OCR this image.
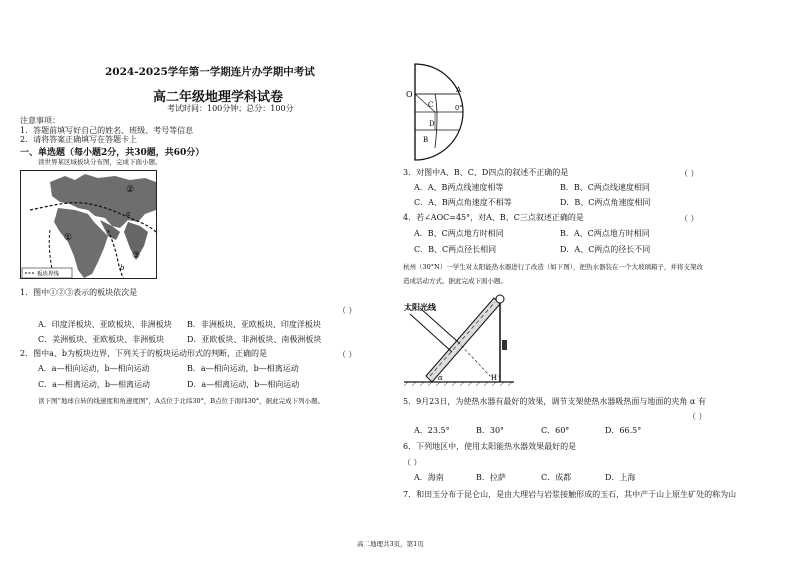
2024-2025学年第一学期连片办学期中考试
高二年级地理学科试卷
考试时间：100分钟；总分：100分
注意事项：
1．答题前填写好自己的姓名、班级、考号等信息
2．请将答案正确填写在答题卡上
一、单选题（每小题2分，共30题，共60分）
读世界某区域板块分布图，完成下面小题。
①
②
③
a
b
板块界线
1．图中①②③表示的板块依次是
（ ）
A．印度洋板块、亚欧板块、非洲板块 B．非洲板块、亚欧板块、印度洋板块
C．美洲板块、亚欧板块、非洲板块	D．亚欧板块、非洲板块、南极洲板块
2．图中a、b为板块边界，下列关于的板块运动形式的判断，正确的是	（ ）
A．a—相向运动，b—相向运动	B．a—相向运动，b—相离运动
C．a—相离运动，b—相离运动	D．a—相离运动，b—相向运动
读下图“地球自转的线速度和角速度图”，A点位于北纬30°，B点位于南纬30°，据此完成下列小题。
O	A
C	0°
D
B
3．对图中A、B、C、D四点的叙述不正确的是	（ ）
A．A、B两点线速度相等	B．B、C两点线速度相同
C．A、B两点角速度不相等	D．B、C两点角速度相同
4．若∠AOC=45°，对A、B、C三点叙述正确的是	（ ）
A．B、C两点地方时相同	B．A、C两点地方时相同
C．B、C两点径长相同	D．A、C两点的径长不同
杭州（30°N）一学生对太阳能热水器进行了改造（如下图），把热水器装在一个大玻璃箱子，并将支架改
造成活动方式。据此完成下面小题。
太阳光线
α	H
5．9月23日，为使热水器有最好的效果，调节支架使热水器吸热面与地面的夹角 α 有
（ ）
A．23.5°	B．30°	C．60°	D．66.5°
6．下列地区中，使用太阳能热水器效果最好的是
（ ）
A．海南	B．拉萨	C．成都	D．上海
7．和田玉分布于昆仑山，是由大理岩与岩浆接触形成的玉石，其中产于山上原生矿处的称为山
高二地理共3页，第1页
